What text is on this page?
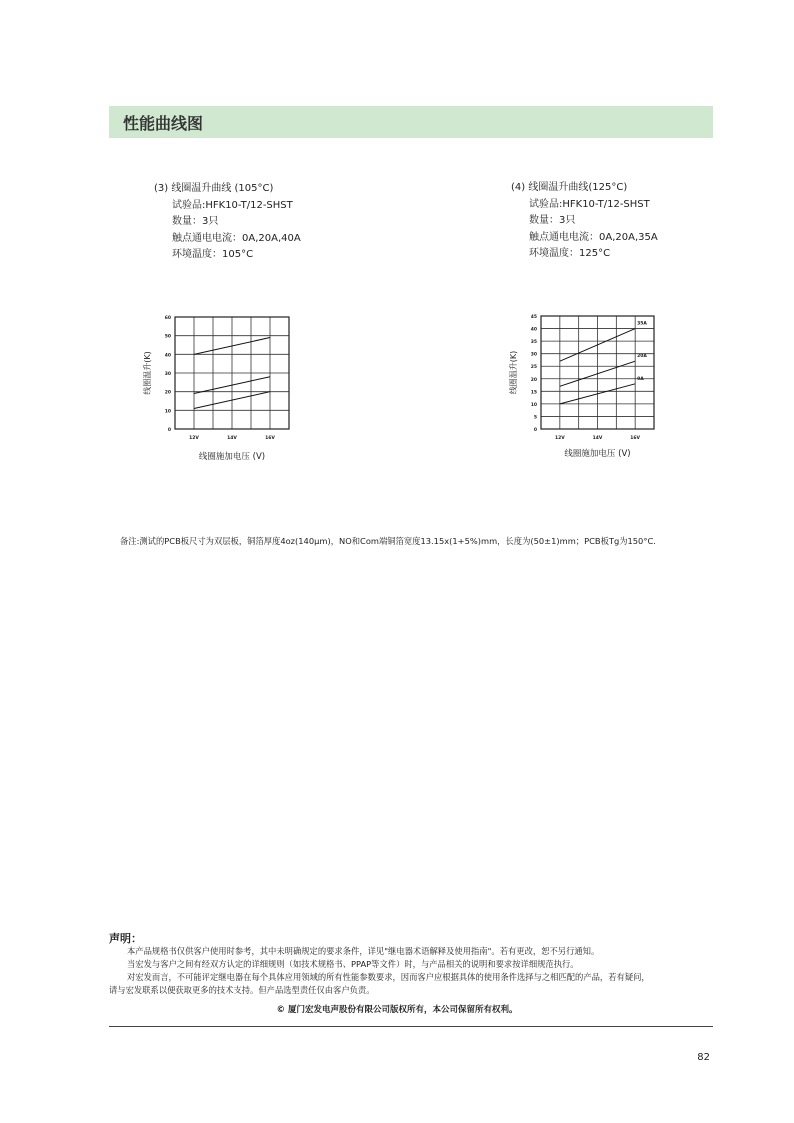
性能曲线图
(3) 线圈温升曲线 (105°C)
试验品:HFK10-T/12-SHST
数量：3只
触点通电电流：0A,20A,40A
环境温度：105°C
(4) 线圈温升曲线(125°C)
试验品:HFK10-T/12-SHST
数量：3只
触点通电电流：0A,20A,35A
环境温度：125°C
0
10
20
30
40
50
60
12V	14V	16V
线圈温升(K)
线圈施加电压 (V)
0
5
10
15
20
25
30
35
40
45
12V	14V	16V
35A
20A
0A
线圈温升(K)
线圈施加电压 (V)
备注:测试的PCB板尺寸为双层板，铜箔厚度4oz(140μm)，NO和Com端铜箔宽度13.15x(1+5%)mm，长度为(50±1)mm；PCB板Tg为150°C.
声明：

本产品规格书仅供客户使用时参考，其中未明确规定的要求条件，详见"继电器术语解释及使用指南"。若有更改，恕不另行通知。

当宏发与客户之间有经双方认定的详细规则（如技术规格书、PPAP等文件）时，与产品相关的说明和要求按详细规范执行。

对宏发而言，不可能评定继电器在每个具体应用领域的所有性能参数要求，因而客户应根据具体的使用条件选择与之相匹配的产品，若有疑问，

请与宏发联系以便获取更多的技术支持。但产品选型责任仅由客户负责。

© 厦门宏发电声股份有限公司版权所有，本公司保留所有权利。
82
